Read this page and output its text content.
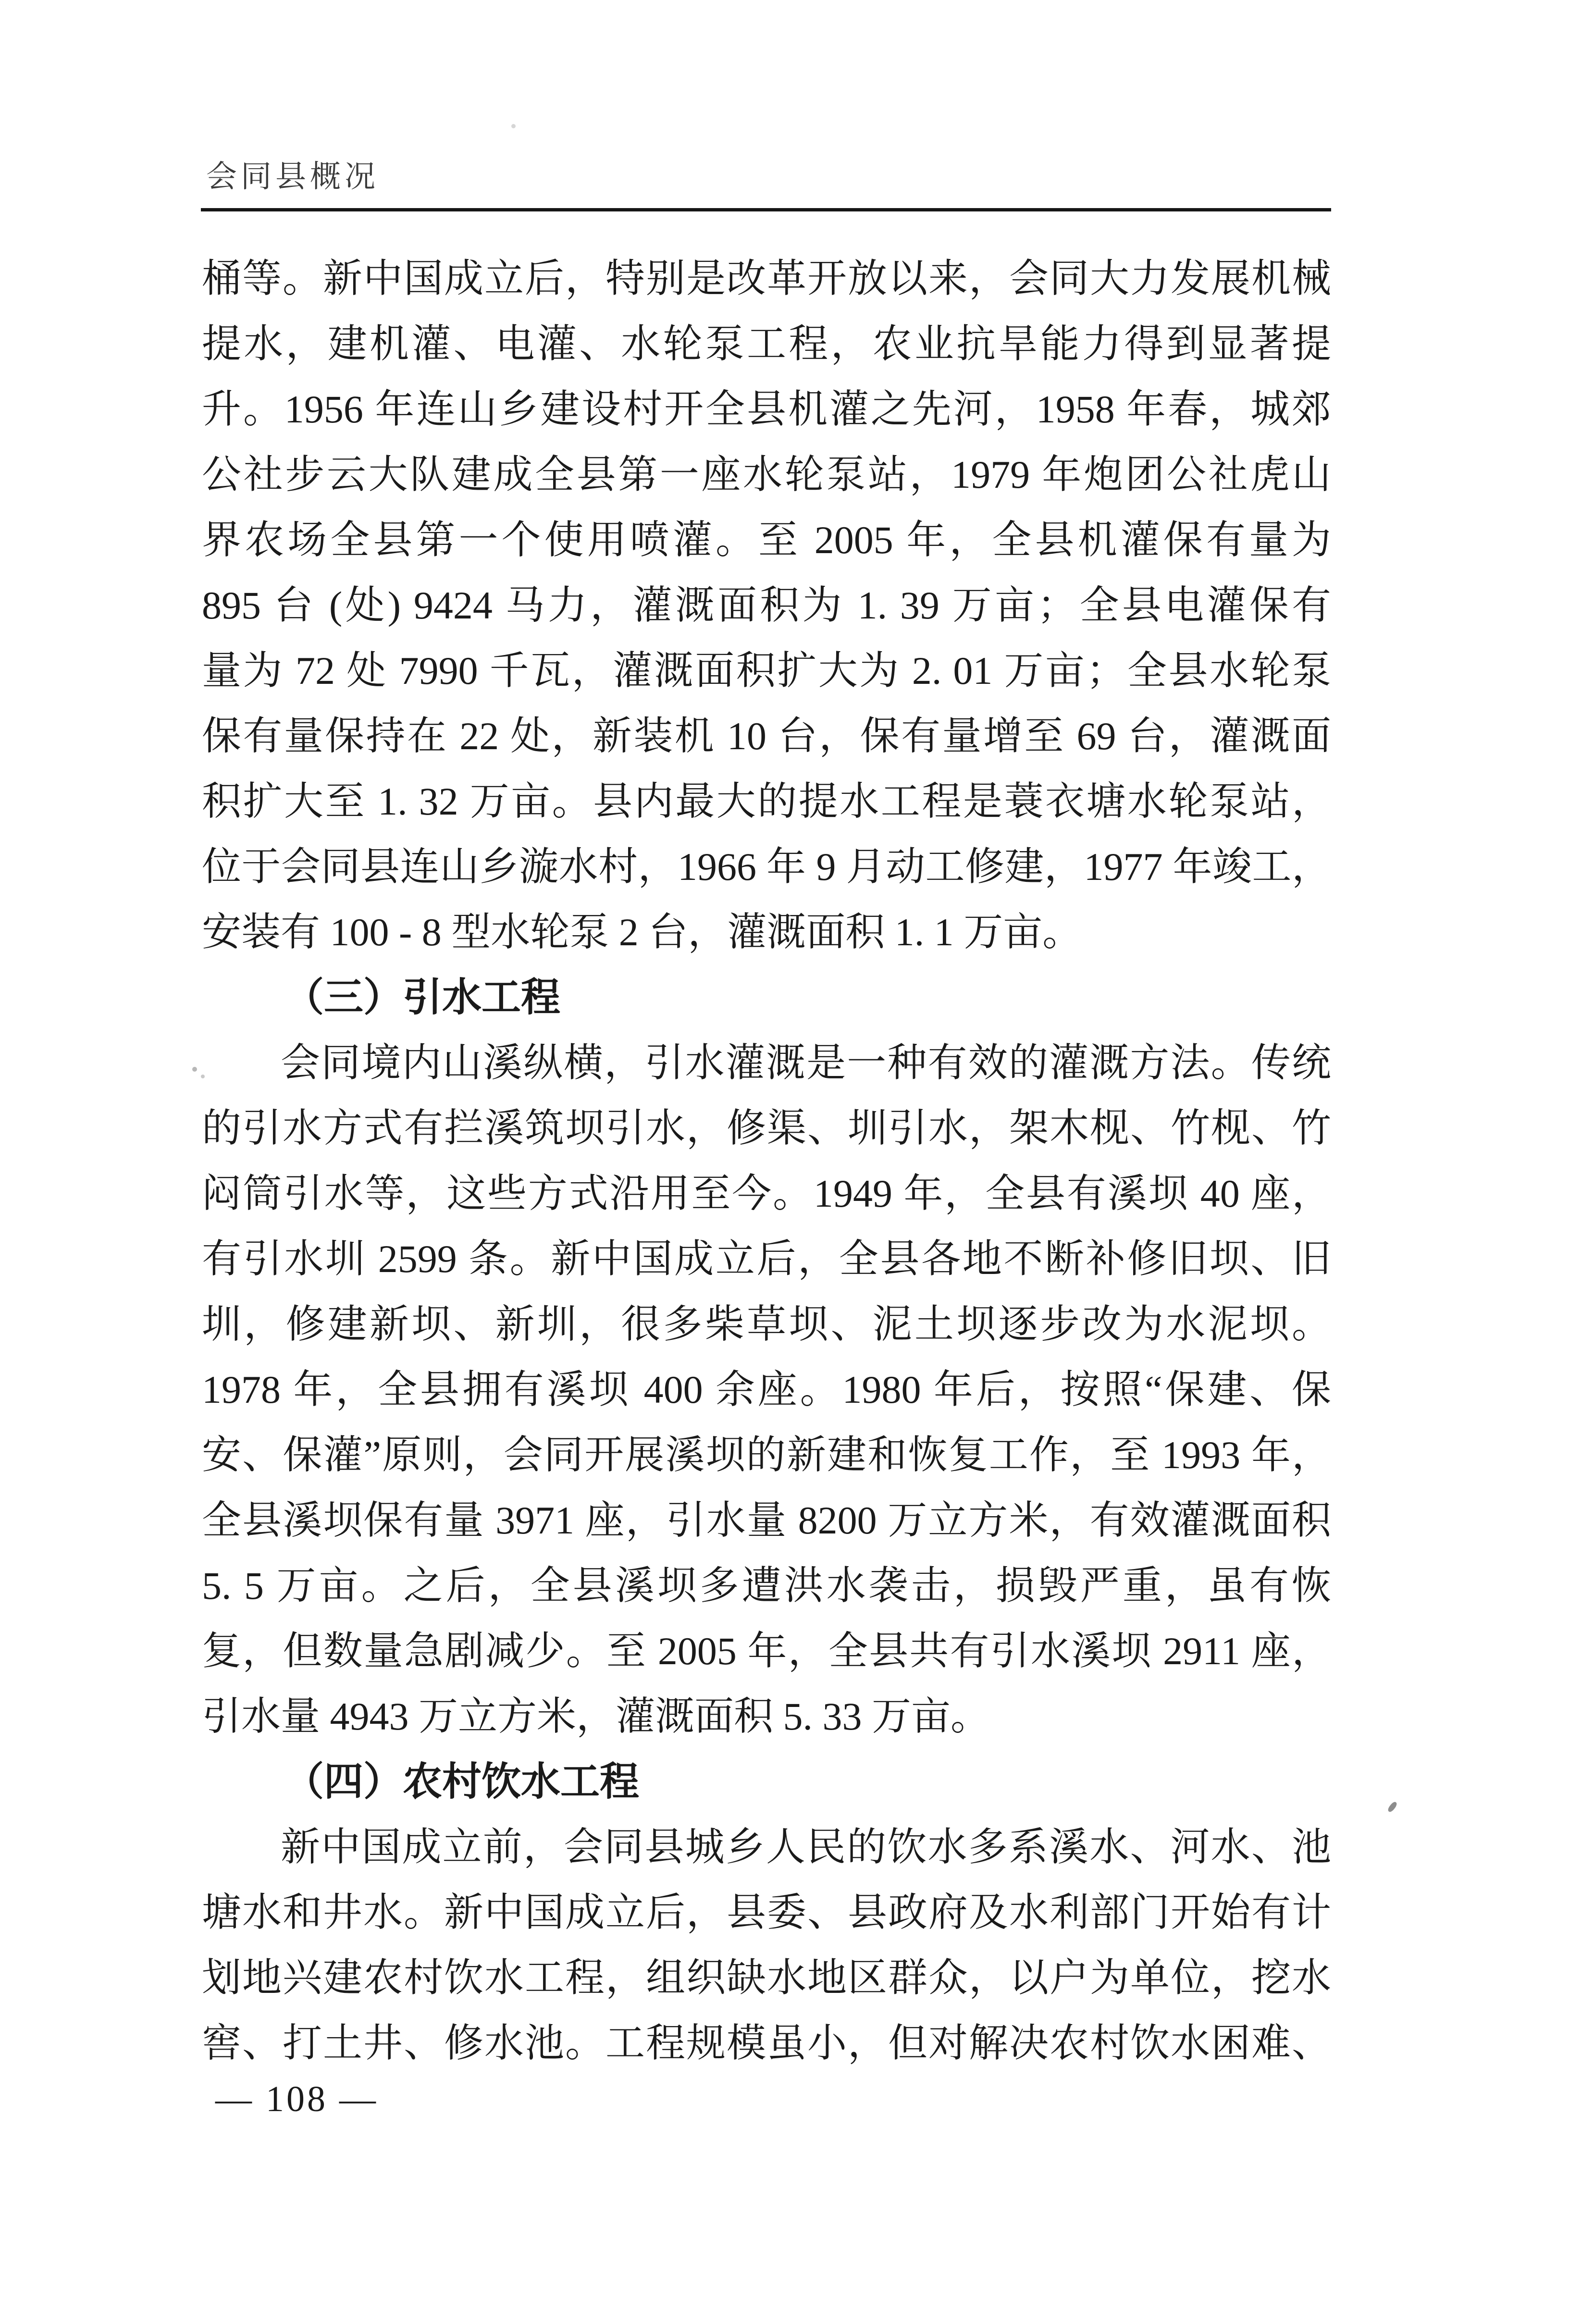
会同县概况
桶等。新中国成立后，特别是改革开放以来，会同大力发展机械
提水，建机灌、电灌、水轮泵工程，农业抗旱能力得到显著提
升。1956 年连山乡建设村开全县机灌之先河，1958 年春，城郊
公社步云大队建成全县第一座水轮泵站，1979 年炮团公社虎山
界农场全县第一个使用喷灌。至 2005 年，全县机灌保有量为
895 台 (处) 9424 马力，灌溉面积为 1. 39 万亩；全县电灌保有
量为 72 处 7990 千瓦，灌溉面积扩大为 2. 01 万亩；全县水轮泵
保有量保持在 22 处，新装机 10 台，保有量增至 69 台，灌溉面
积扩大至 1. 32 万亩。县内最大的提水工程是蓑衣塘水轮泵站，
位于会同县连山乡漩水村，1966 年 9 月动工修建，1977 年竣工，
安装有 100 - 8 型水轮泵 2 台，灌溉面积 1. 1 万亩。
（三）引水工程
会同境内山溪纵横，引水灌溉是一种有效的灌溉方法。传统
的引水方式有拦溪筑坝引水，修渠、圳引水，架木枧、竹枧、竹
闷筒引水等，这些方式沿用至今。1949 年，全县有溪坝 40 座，
有引水圳 2599 条。新中国成立后，全县各地不断补修旧坝、旧
圳，修建新坝、新圳，很多柴草坝、泥土坝逐步改为水泥坝。
1978 年，全县拥有溪坝 400 余座。1980 年后，按照“保建、保
安、保灌”原则，会同开展溪坝的新建和恢复工作，至 1993 年，
全县溪坝保有量 3971 座，引水量 8200 万立方米，有效灌溉面积
5. 5 万亩。之后，全县溪坝多遭洪水袭击，损毁严重，虽有恢
复，但数量急剧减少。至 2005 年，全县共有引水溪坝 2911 座，
引水量 4943 万立方米，灌溉面积 5. 33 万亩。
（四）农村饮水工程
新中国成立前，会同县城乡人民的饮水多系溪水、河水、池
塘水和井水。新中国成立后，县委、县政府及水利部门开始有计
划地兴建农村饮水工程，组织缺水地区群众，以户为单位，挖水
窖、打土井、修水池。工程规模虽小，但对解决农村饮水困难、
— 108 —
